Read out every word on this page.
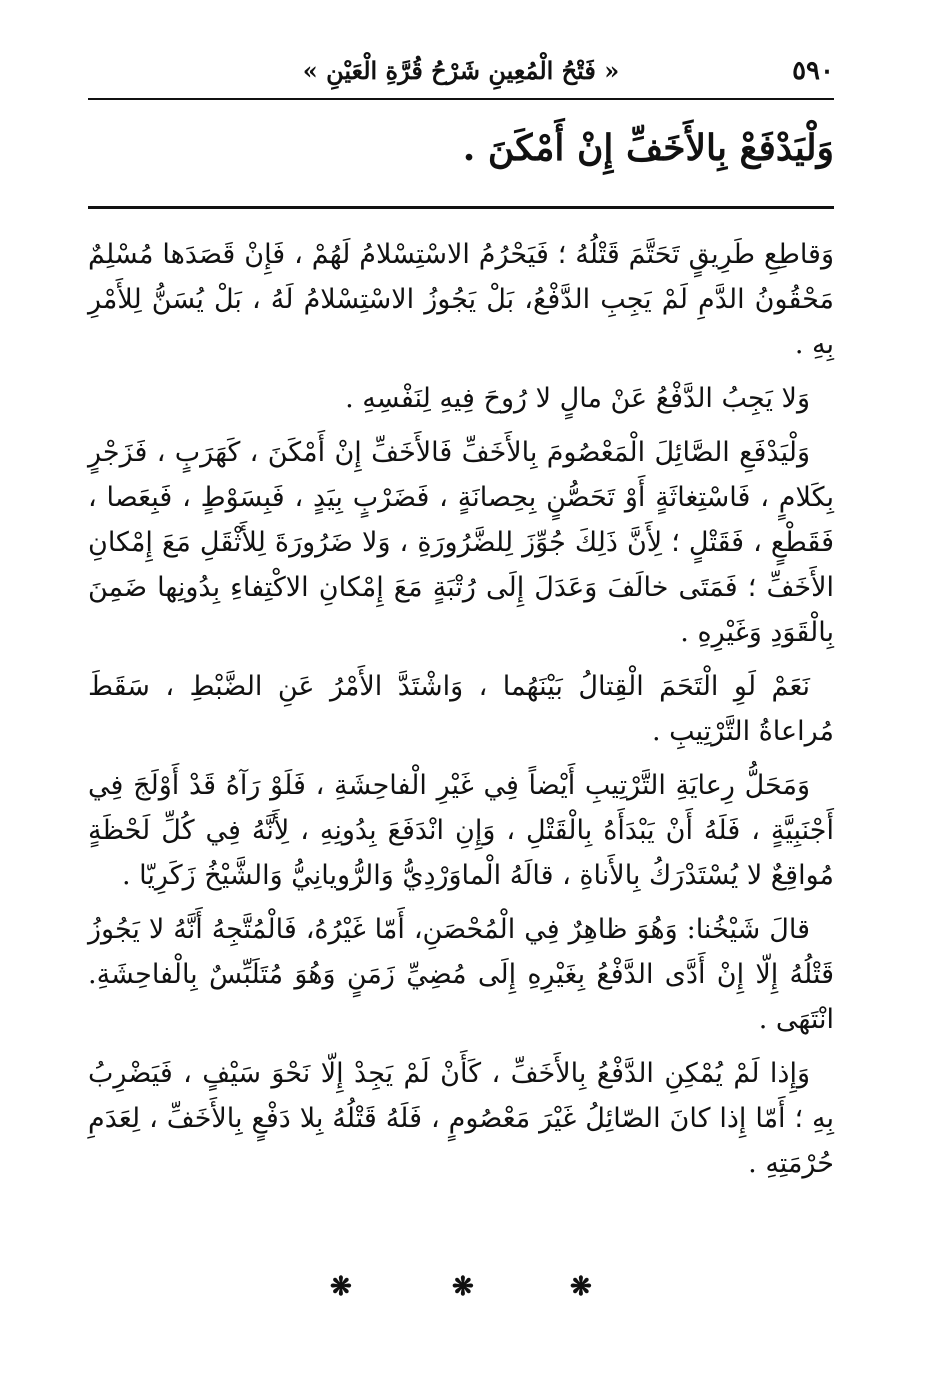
٥٩٠
« فَتْحُ الْمُعِينِ شَرْحُ قُرَّةِ الْعَيْنِ »
وَلْيَدْفَعْ بِالأَخَفِّ إِنْ أَمْكَنَ .

وَقاطِعِ طَرِيقٍ تَحَتَّمَ قَتْلُهُ ؛ فَيَحْرُمُ الاسْتِسْلامُ لَهُمْ ، فَإِنْ قَصَدَها مُسْلِمٌ مَحْقُونُ الدَّمِ لَمْ يَجِبِ الدَّفْعُ، بَلْ يَجُوزُ الاسْتِسْلامُ لَهُ ، بَلْ يُسَنُّ لِلأَمْرِ بِهِ .

وَلا يَجِبُ الدَّفْعُ عَنْ مالٍ لا رُوحَ فِيهِ لِنَفْسِهِ .

وَلْيَدْفَعِ الصَّائِلَ الْمَعْصُومَ بِالأَخَفِّ فَالأَخَفِّ إِنْ أَمْكَنَ ، كَهَرَبٍ ، فَزَجْرٍ بِكَلامٍ ، فَاسْتِغاثَةٍ أَوْ تَحَصُّنٍ بِحِصانَةٍ ، فَضَرْبٍ بِيَدٍ ، فَبِسَوْطٍ ، فَبِعَصا ، فَقَطْعٍ ، فَقَتْلٍ ؛ لِأَنَّ ذَلِكَ جُوِّزَ لِلضَّرُورَةِ ، وَلا ضَرُورَةَ لِلأَثْقَلِ مَعَ إِمْكانِ الأَخَفِّ ؛ فَمَتَى خالَفَ وَعَدَلَ إِلَى رُتْبَةٍ مَعَ إِمْكانِ الاكْتِفاءِ بِدُونِها ضَمِنَ بِالْقَوَدِ وَغَيْرِهِ .

نَعَمْ لَوِ الْتَحَمَ الْقِتالُ بَيْنَهُما ، وَاشْتَدَّ الأَمْرُ عَنِ الضَّبْطِ ، سَقَطَ مُراعاةُ التَّرْتِيبِ .

وَمَحَلُّ رِعايَةِ التَّرْتِيبِ أَيْضاً فِي غَيْرِ الْفاحِشَةِ ، فَلَوْ رَآهُ قَدْ أَوْلَجَ فِي أَجْنَبِيَّةٍ ، فَلَهُ أَنْ يَبْدَأَهُ بِالْقَتْلِ ، وَإِنِ انْدَفَعَ بِدُونِهِ ، لِأَنَّهُ فِي كُلِّ لَحْظَةٍ مُواقِعٌ لا يُسْتَدْرَكُ بِالأَناةِ ، قالَهُ الْماوَرْدِيُّ وَالرُّويانِيُّ وَالشَّيْخُ زَكَرِيّا .

قالَ شَيْخُنا: وَهُوَ ظاهِرٌ فِي الْمُحْصَنِ، أَمّا غَيْرُهُ، فَالْمُتَّجِهُ أَنَّهُ لا يَجُوزُ قَتْلُهُ إِلّا إِنْ أَدَّى الدَّفْعُ بِغَيْرِهِ إِلَى مُضِيِّ زَمَنٍ وَهُوَ مُتَلَبِّسٌ بِالْفاحِشَةِ. انْتَهَى .

وَإِذا لَمْ يُمْكِنِ الدَّفْعُ بِالأَخَفِّ ، كَأَنْ لَمْ يَجِدْ إِلّا نَحْوَ سَيْفٍ ، فَيَضْرِبُ بِهِ ؛ أَمّا إِذا كانَ الصّائِلُ غَيْرَ مَعْصُومٍ ، فَلَهُ قَتْلُهُ بِلا دَفْعٍ بِالأَخَفِّ ، لِعَدَمِ حُرْمَتِهِ .

❋	❋	❋
